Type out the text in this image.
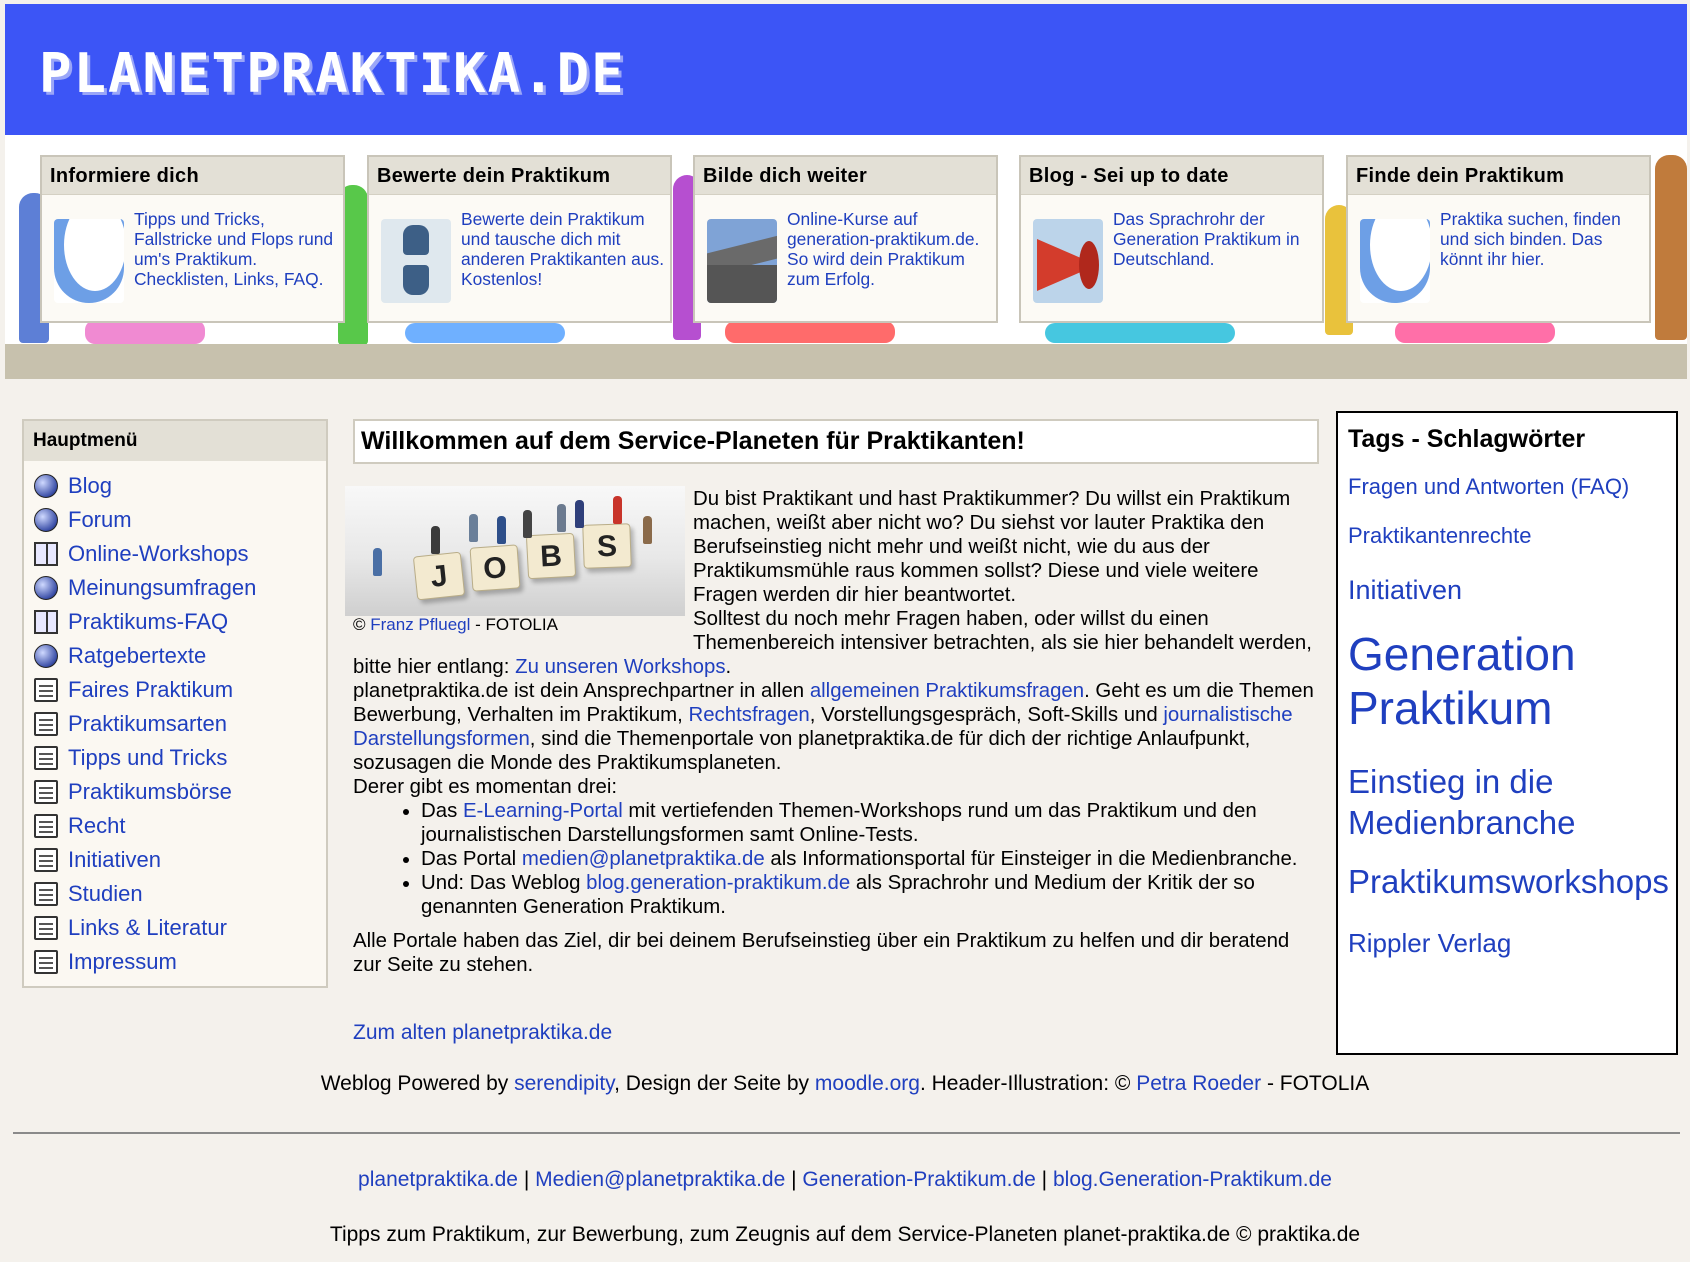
PLANETPRAKTIKA.DE
Informiere dich
Tipps und Tricks, Fallstricke und Flops rund um's Praktikum. Checklisten, Links, FAQ.
Bewerte dein Praktikum
Bewerte dein Praktikum und tausche dich mit anderen Praktikanten aus. Kostenlos!
Bilde dich weiter
Online-Kurse auf generation-praktikum.de. So wird dein Praktikum zum Erfolg.
Blog - Sei up to date
Das Sprachrohr der Generation Praktikum in Deutschland.
Finde dein Praktikum
Praktika suchen, finden und sich binden. Das könnt ihr hier.
Hauptmenü
Blog
Forum
Online-Workshops
Meinungsumfragen
Praktikums-FAQ
Ratgebertexte
Faires Praktikum
Praktikumsarten
Tipps und Tricks
Praktikumsbörse
Recht
Initiativen
Studien
Links & Literatur
Impressum
Willkommen auf dem Service-Planeten für Praktikanten!
J	O	B	S

Du bist Praktikant und hast Praktikummer? Du willst ein Praktikum machen, weißt aber nicht wo? Du siehst vor lauter Praktika den Berufseinstieg nicht mehr und weißt nicht, wie du aus der Praktikumsmühle raus kommen sollst? Diese und viele weitere Fragen werden dir hier beantwortet.

Solltest du noch mehr Fragen haben, oder willst du einen Themenbereich intensiver betrachten, als sie hier behandelt werden, bitte hier entlang: Zu unseren Workshops.

planetpraktika.de ist dein Ansprechpartner in allen allgemeinen Praktikumsfragen. Geht es um die Themen Bewerbung, Verhalten im Praktikum, Rechtsfragen, Vorstellungsgespräch, Soft-Skills und journalistische Darstellungsformen, sind die Themenportale von planetpraktika.de für dich der richtige Anlaufpunkt, sozusagen die Monde des Praktikumsplaneten.

Derer gibt es momentan drei:

• Das E-Learning-Portal mit vertiefenden Themen-Workshops rund um das Praktikum und den journalistischen Darstellungsformen samt Online-Tests.
• Das Portal medien@planetpraktika.de als Informationsportal für Einsteiger in die Medienbranche.
• Und: Das Weblog blog.generation-praktikum.de als Sprachrohr und Medium der Kritik der so genannten Generation Praktikum.

Alle Portale haben das Ziel, dir bei deinem Berufseinstieg über ein Praktikum zu helfen und dir beratend zur Seite zu stehen.

© Franz Pfluegl - FOTOLIA
Zum alten planetpraktika.de
Tags - Schlagwörter
Fragen und Antworten (FAQ)
Praktikantenrechte
Initiativen
Generation Praktikum
Einstieg in die Medienbranche
Praktikumsworkshops
Rippler Verlag
Weblog Powered by serendipity, Design der Seite by moodle.org. Header-Illustration: © Petra Roeder - FOTOLIA
planetpraktika.de | Medien@planetpraktika.de | Generation-Praktikum.de | blog.Generation-Praktikum.de
Tipps zum Praktikum, zur Bewerbung, zum Zeugnis auf dem Service-Planeten planet-praktika.de © praktika.de
